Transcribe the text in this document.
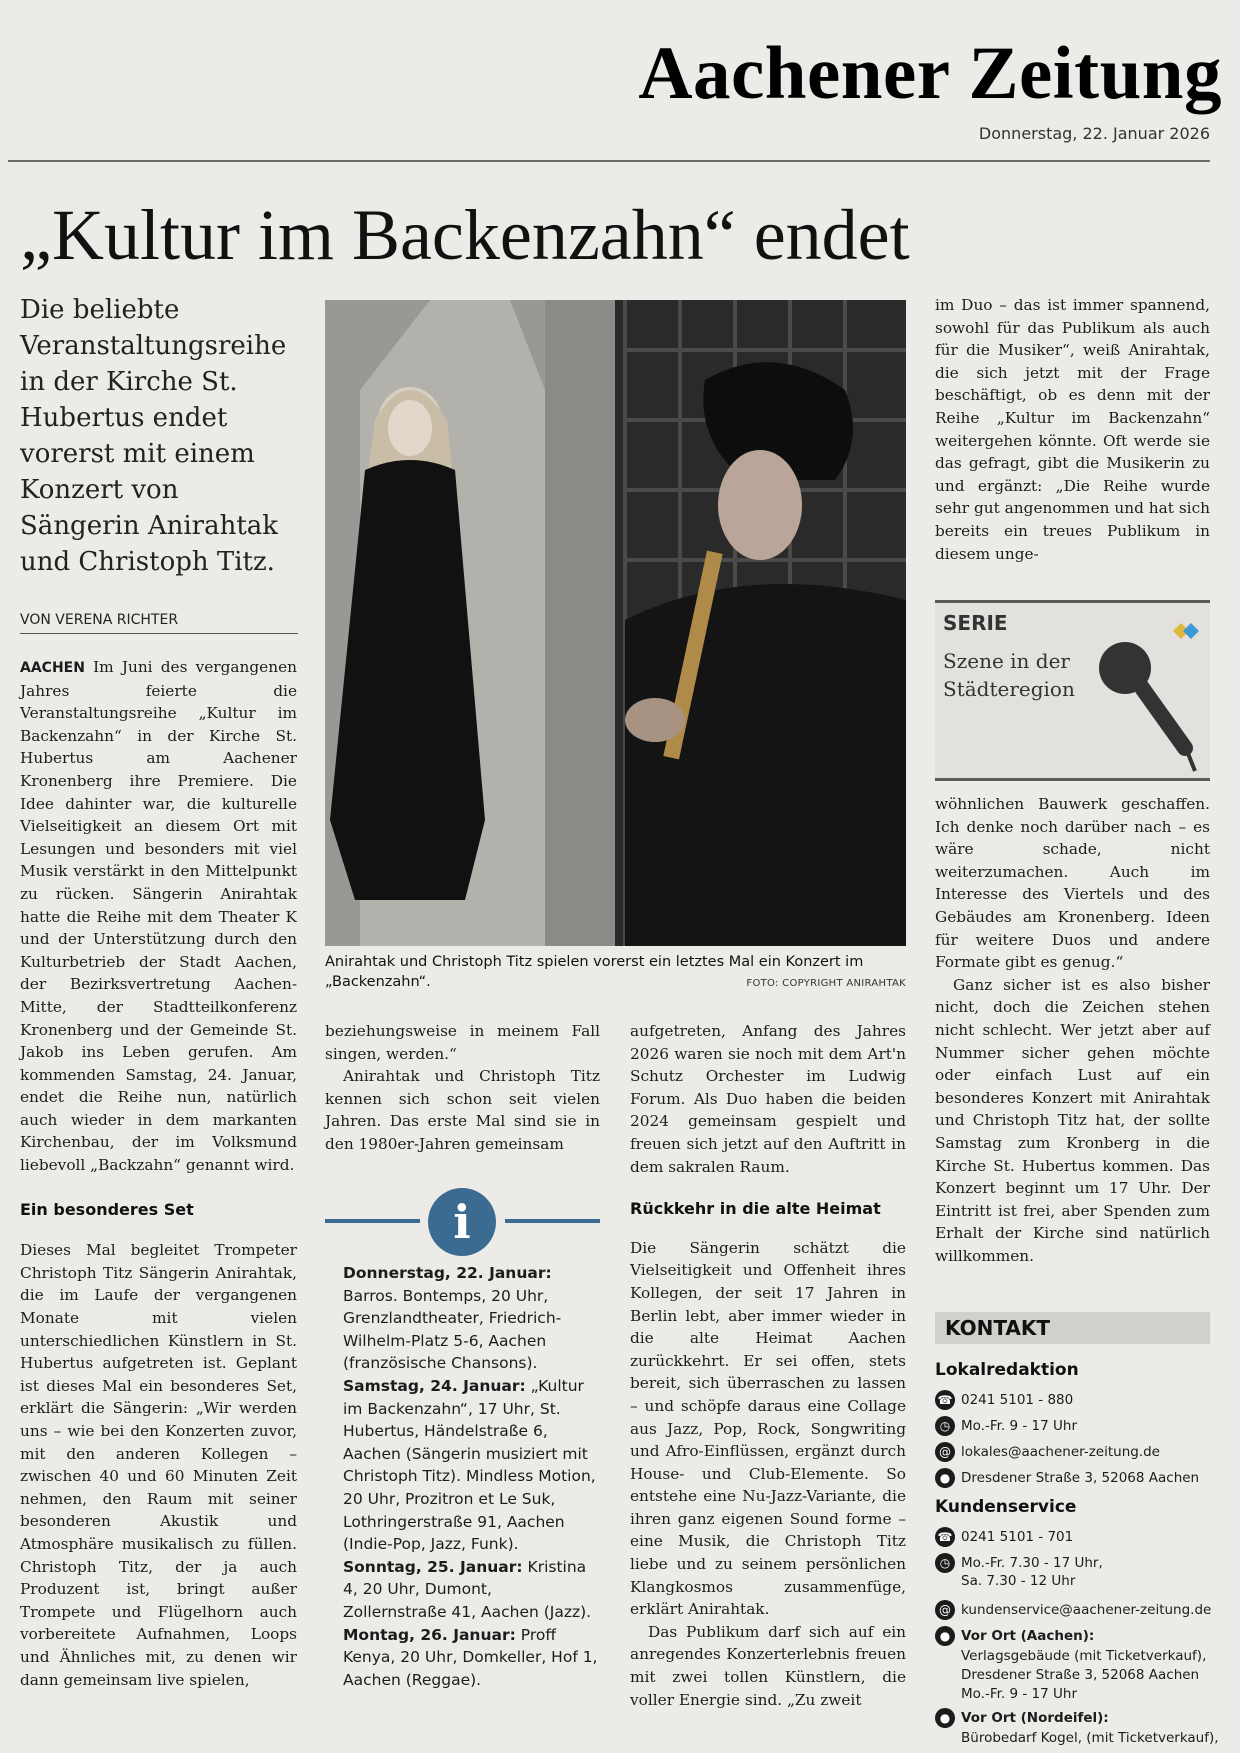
Aachener Zeitung
Donnerstag, 22. Januar 2026
„Kultur im Backenzahn“ endet
Die beliebte Veranstaltungsreihe in der Kirche St. Hubertus endet vorerst mit einem Konzert von Sängerin Anirahtak und Christoph Titz.
VON VERENA RICHTER

AACHEN Im Juni des vergangenen Jahres feierte die Veranstaltungsreihe „Kultur im Backenzahn“ in der Kirche St. Hubertus am Aachener Kronenberg ihre Premiere. Die Idee dahinter war, die kulturelle Vielseitigkeit an diesem Ort mit Lesungen und besonders mit viel Musik verstärkt in den Mittelpunkt zu rücken. Sängerin Anirahtak hatte die Reihe mit dem Theater K und der Unterstützung durch den Kulturbetrieb der Stadt Aachen, der Bezirksvertretung Aachen-Mitte, der Stadtteilkonferenz Kronenberg und der Gemeinde St. Jakob ins Leben gerufen. Am kommenden Samstag, 24. Januar, endet die Reihe nun, natürlich auch wieder in dem markanten Kirchenbau, der im Volksmund liebevoll „Backzahn“ genannt wird.

Ein besonderes Set

Dieses Mal begleitet Trompeter Christoph Titz Sängerin Anirahtak, die im Laufe der vergangenen Monate mit vielen unterschiedlichen Künstlern in St. Hubertus aufgetreten ist. Geplant ist dieses Mal ein besonderes Set, erklärt die Sängerin: „Wir werden uns – wie bei den Konzerten zuvor, mit den anderen Kollegen – zwischen 40 und 60 Minuten Zeit nehmen, den Raum mit seiner besonderen Akustik und Atmosphäre musikalisch zu füllen. Christoph Titz, der ja auch Produzent ist, bringt außer Trompete und Flügelhorn auch vorbereitete Aufnahmen, Loops und Ähnliches mit, zu denen wir dann gemeinsam live spielen,

Anirahtak und Christoph Titz spielen vorerst ein letztes Mal ein Konzert im „Backenzahn“.	FOTO: COPYRIGHT ANIRAHTAK

beziehungsweise in meinem Fall singen, werden.“

Anirahtak und Christoph Titz kennen sich schon seit vielen Jahren. Das erste Mal sind sie in den 1980er-Jahren gemeinsam

i
Donnerstag, 22. Januar: Barros. Bontemps, 20 Uhr, Grenzlandtheater, Friedrich-Wilhelm-Platz 5-6, Aachen (französische Chansons).
Samstag, 24. Januar: „Kultur im Backenzahn“, 17 Uhr, St. Hubertus, Händelstraße 6, Aachen (Sängerin musiziert mit Christoph Titz). Mindless Motion, 20 Uhr, Prozitron et Le Suk, Lothringerstraße 91, Aachen (Indie-Pop, Jazz, Funk).
Sonntag, 25. Januar: Kristina 4, 20 Uhr, Dumont, Zollernstraße 41, Aachen (Jazz).
Montag, 26. Januar: Proff Kenya, 20 Uhr, Domkeller, Hof 1, Aachen (Reggae).

aufgetreten, Anfang des Jahres 2026 waren sie noch mit dem Art'n Schutz Orchester im Ludwig Forum. Als Duo haben die beiden 2024 gemeinsam gespielt und freuen sich jetzt auf den Auftritt in dem sakralen Raum.

Rückkehr in die alte Heimat

Die Sängerin schätzt die Vielseitigkeit und Offenheit ihres Kollegen, der seit 17 Jahren in Berlin lebt, aber immer wieder in die alte Heimat Aachen zurückkehrt. Er sei offen, stets bereit, sich überraschen zu lassen – und schöpfe daraus eine Collage aus Jazz, Pop, Rock, Songwriting und Afro-Einflüssen, ergänzt durch House- und Club-Elemente. So entstehe eine Nu-Jazz-Variante, die ihren ganz eigenen Sound forme – eine Musik, die Christoph Titz liebe und zu seinem persönlichen Klangkosmos zusammenfüge, erklärt Anirahtak.

Das Publikum darf sich auf ein anregendes Konzerterlebnis freuen mit zwei tollen Künstlern, die voller Energie sind. „Zu zweit

im Duo – das ist immer spannend, sowohl für das Publikum als auch für die Musiker“, weiß Anirahtak, die sich jetzt mit der Frage beschäftigt, ob es denn mit der Reihe „Kultur im Backenzahn“ weitergehen könnte. Oft werde sie das gefragt, gibt die Musikerin zu und ergänzt: „Die Reihe wurde sehr gut angenommen und hat sich bereits ein treues Publikum in diesem unge-

SERIE
Szene in der Städteregion

wöhnlichen Bauwerk geschaffen. Ich denke noch darüber nach – es wäre schade, nicht weiterzumachen. Auch im Interesse des Viertels und des Gebäudes am Kronenberg. Ideen für weitere Duos und andere Formate gibt es genug.“

Ganz sicher ist es also bisher nicht, doch die Zeichen stehen nicht schlecht. Wer jetzt aber auf Nummer sicher gehen möchte oder einfach Lust auf ein besonderes Konzert mit Anirahtak und Christoph Titz hat, der sollte Samstag zum Kronberg in die Kirche St. Hubertus kommen. Das Konzert beginnt um 17 Uhr. Der Eintritt ist frei, aber Spenden zum Erhalt der Kirche sind natürlich willkommen.

KONTAKT
Lokalredaktion
☎ 0241 5101 - 880
◷ Mo.-Fr. 9 - 17 Uhr
@ lokales@aachener-zeitung.de
● Dresdener Straße 3, 52068 Aachen
Kundenservice
☎ 0241 5101 - 701
◷ Mo.-Fr. 7.30 - 17 Uhr,
Sa. 7.30 - 12 Uhr
@ kundenservice@aachener-zeitung.de
● Vor Ort (Aachen):
Verlagsgebäude (mit Ticketverkauf),
Dresdener Straße 3, 52068 Aachen
Mo.-Fr. 9 - 17 Uhr
● Vor Ort (Nordeifel):
Bürobedarf Kogel, (mit Ticketverkauf),
